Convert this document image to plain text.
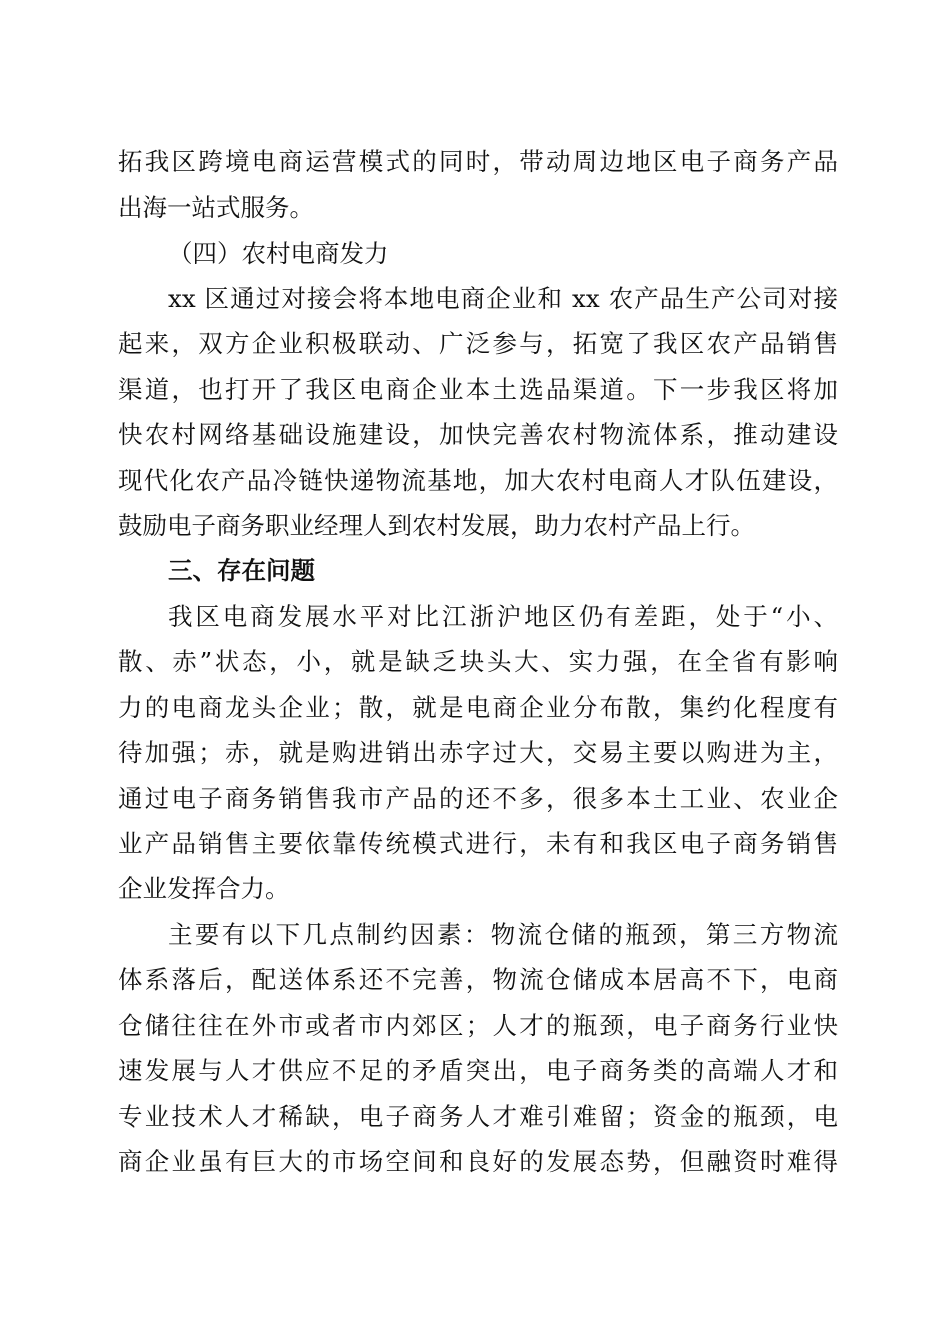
拓我区跨境电商运营模式的同时，带动周边地区电子商务产品
出海一站式服务。
（四）农村电商发力
xx 区通过对接会将本地电商企业和 xx 农产品生产公司对接
起来，双方企业积极联动、广泛参与，拓宽了我区农产品销售
渠道，也打开了我区电商企业本土选品渠道。下一步我区将加
快农村网络基础设施建设，加快完善农村物流体系，推动建设
现代化农产品冷链快递物流基地，加大农村电商人才队伍建设，
鼓励电子商务职业经理人到农村发展，助力农村产品上行。
三、存在问题
我区电商发展水平对比江浙沪地区仍有差距，处于“小、
散、赤”状态，小，就是缺乏块头大、实力强，在全省有影响
力的电商龙头企业；散，就是电商企业分布散，集约化程度有
待加强；赤，就是购进销出赤字过大，交易主要以购进为主，
通过电子商务销售我市产品的还不多，很多本土工业、农业企
业产品销售主要依靠传统模式进行，未有和我区电子商务销售
企业发挥合力。
主要有以下几点制约因素：物流仓储的瓶颈，第三方物流
体系落后，配送体系还不完善，物流仓储成本居高不下，电商
仓储往往在外市或者市内郊区；人才的瓶颈，电子商务行业快
速发展与人才供应不足的矛盾突出，电子商务类的高端人才和
专业技术人才稀缺，电子商务人才难引难留；资金的瓶颈，电
商企业虽有巨大的市场空间和良好的发展态势，但融资时难得
